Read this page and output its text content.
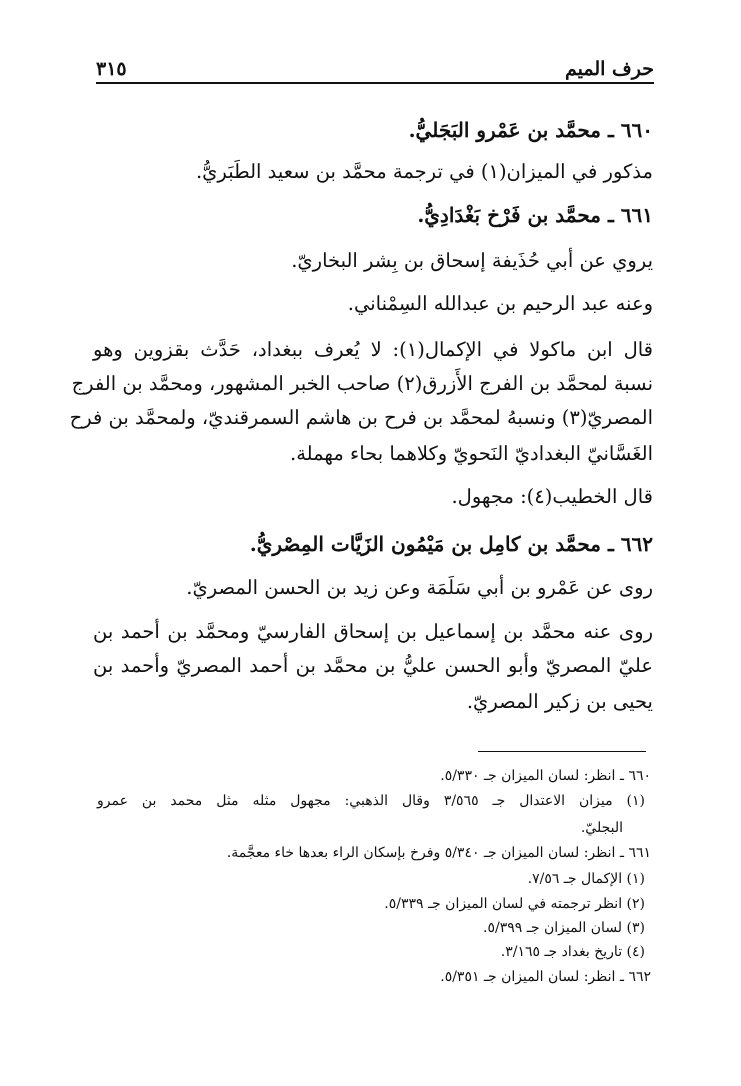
حرف الميم
٣١٥
٦٦٠ ـ محمَّد بن عَمْرو البَجَليُّ.
مذكور في الميزان(١) في ترجمة محمَّد بن سعيد الطَبَريُّ.
٦٦١ ـ محمَّد بن فَرْخ بَغْدَادِيُّ.
يروي عن أبي حُذَيفة إسحاق بن بِشر البخاريّ.
وعنه عبد الرحيم بن عبدالله السِمْناني.
قال ابن ماكولا في الإكمال(١): لا يُعرف ببغداد، حَدَّث بقزوين وهو
نسبة لمحمَّد بن الفرج الأَزرق(٢) صاحب الخبر المشهور، ومحمَّد بن الفرج
المصريّ(٣) ونسبهُ لمحمَّد بن فرح بن هاشم السمرقنديّ، ولمحمَّد بن فرح
الغَسَّانيّ البغداديّ النَحويّ وكلاهما بحاء مهملة.
قال الخطيب(٤): مجهول.
٦٦٢ ـ محمَّد بن كامِل بن مَيْمُون الزَيَّات المِصْريُّ.
روى عن عَمْرو بن أبي سَلَمَة وعن زيد بن الحسن المصريّ.
روى عنه محمَّد بن إسماعيل بن إسحاق الفارسيّ ومحمَّد بن أحمد بن
عليّ المصريّ وأبو الحسن عليُّ بن محمَّد بن أحمد المصريّ وأحمد بن
يحيى بن زكير المصريّ.
٦٦٠ ـ انظر: لسان الميزان جـ ٥/٣٣٠.
(١) ميزان الاعتدال جـ ٣/٥٦٥ وقال الذهبي: مجهول مثله مثل محمد بن عمرو
البجليّ.
٦٦١ ـ انظر: لسان الميزان جـ ٥/٣٤٠ وفرخ بإسكان الراء بعدها خاء معجَّمة.
(١) الإكمال جـ ٧/٥٦.
(٢) انظر ترجمته في لسان الميزان جـ ٥/٣٣٩.
(٣) لسان الميزان جـ ٥/٣٩٩.
(٤) تاريخ بغداد جـ ٣/١٦٥.
٦٦٢ ـ انظر: لسان الميزان جـ ٥/٣٥١.
